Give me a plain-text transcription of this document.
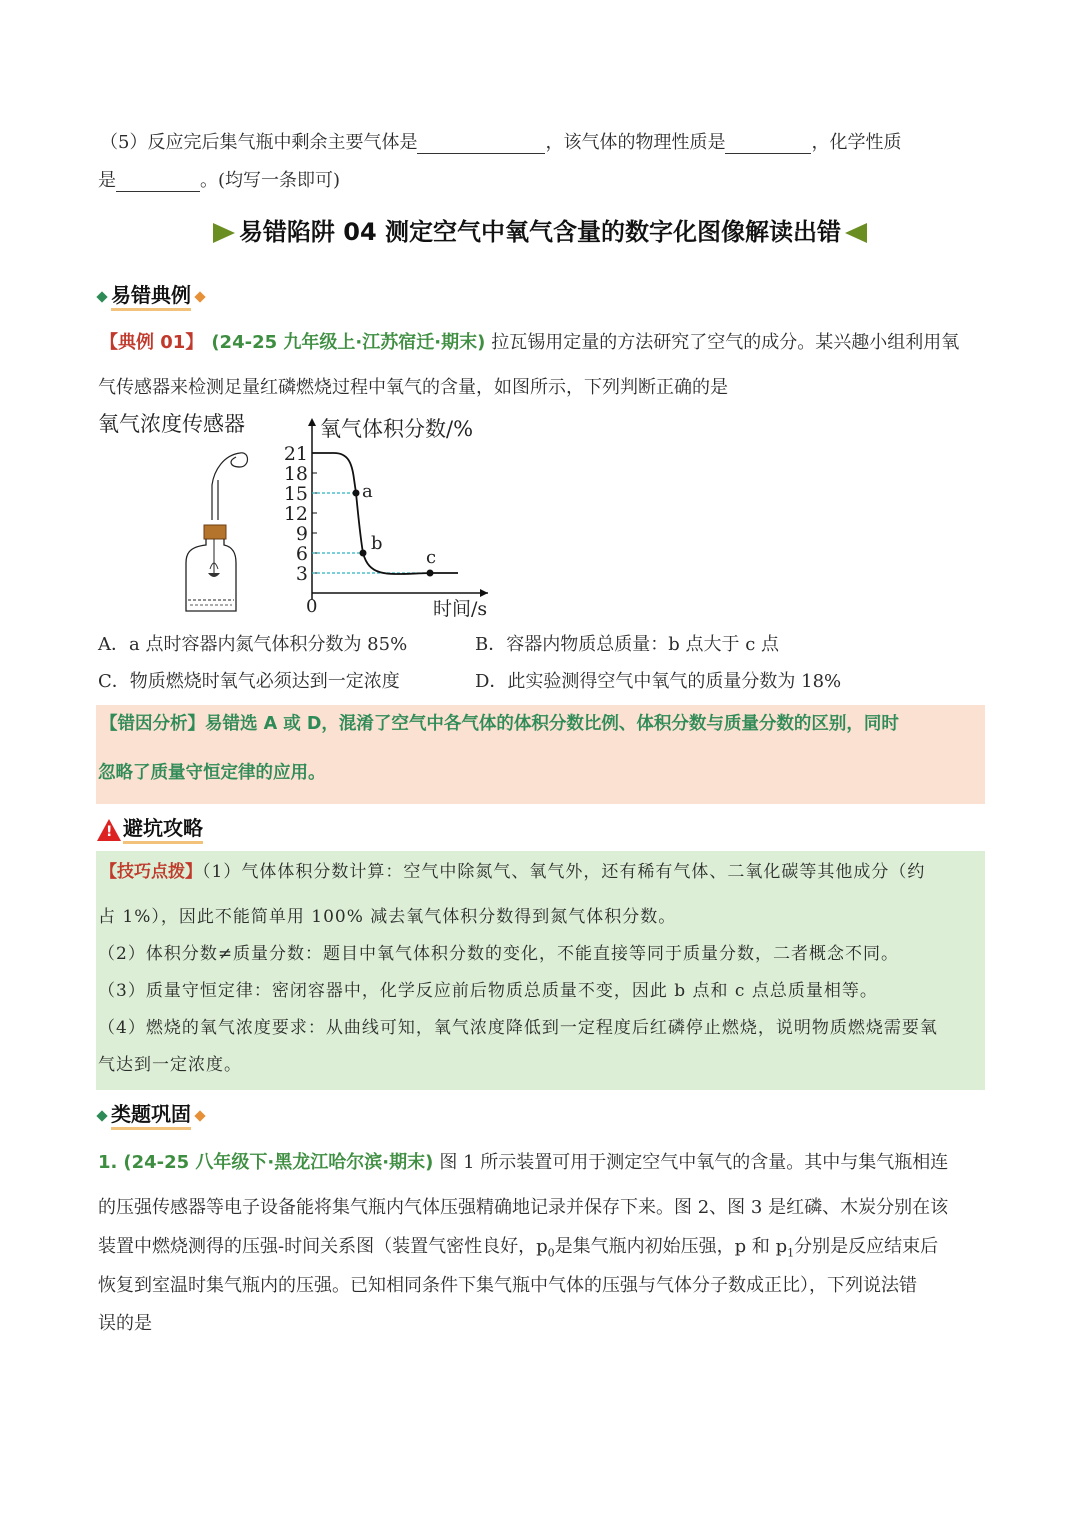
（5）反应完后集气瓶中剩余主要气体是	，该气体的物理性质是	，化学性质
是	。(均写一条即可)
易错陷阱 04 测定空气中氧气含量的数字化图像解读出错
易错典例
【典例 01】 (24-25 九年级上·江苏宿迁·期末) 拉瓦锡用定量的方法研究了空气的成分。某兴趣小组利用氧
气传感器来检测足量红磷燃烧过程中氧气的含量，如图所示，下列判断正确的是
氧气浓度传感器
21
18
15
12
9
6
3
a
b
c
氧气体积分数/%
时间/s
0
A．a 点时容器内氮气体积分数为 85%	B．容器内物质总质量：b 点大于 c 点
C．物质燃烧时氧气必须达到一定浓度	D．此实验测得空气中氧气的质量分数为 18%
【错因分析】易错选 A 或 D，混淆了空气中各气体的体积分数比例、体积分数与质量分数的区别，同时
忽略了质量守恒定律的应用。
! 避坑攻略
【技巧点拨】（1）气体体积分数计算：空气中除氮气、氧气外，还有稀有气体、二氧化碳等其他成分（约
占 1%），因此不能简单用 100% 减去氧气体积分数得到氮气体积分数。
（2）体积分数≠质量分数：题目中氧气体积分数的变化，不能直接等同于质量分数，二者概念不同。
（3）质量守恒定律：密闭容器中，化学反应前后物质总质量不变，因此 b 点和 c 点总质量相等。
（4）燃烧的氧气浓度要求：从曲线可知，氧气浓度降低到一定程度后红磷停止燃烧，说明物质燃烧需要氧
气达到一定浓度。
类题巩固
1. (24-25 八年级下·黑龙江哈尔滨·期末) 图 1 所示装置可用于测定空气中氧气的含量。其中与集气瓶相连
的压强传感器等电子设备能将集气瓶内气体压强精确地记录并保存下来。图 2、图 3 是红磷、木炭分别在该
装置中燃烧测得的压强-时间关系图（装置气密性良好，$p_0$是集气瓶内初始压强，p 和 $p_1$分别是反应结束后
恢复到室温时集气瓶内的压强。已知相同条件下集气瓶中气体的压强与气体分子数成正比），下列说法错
误的是
